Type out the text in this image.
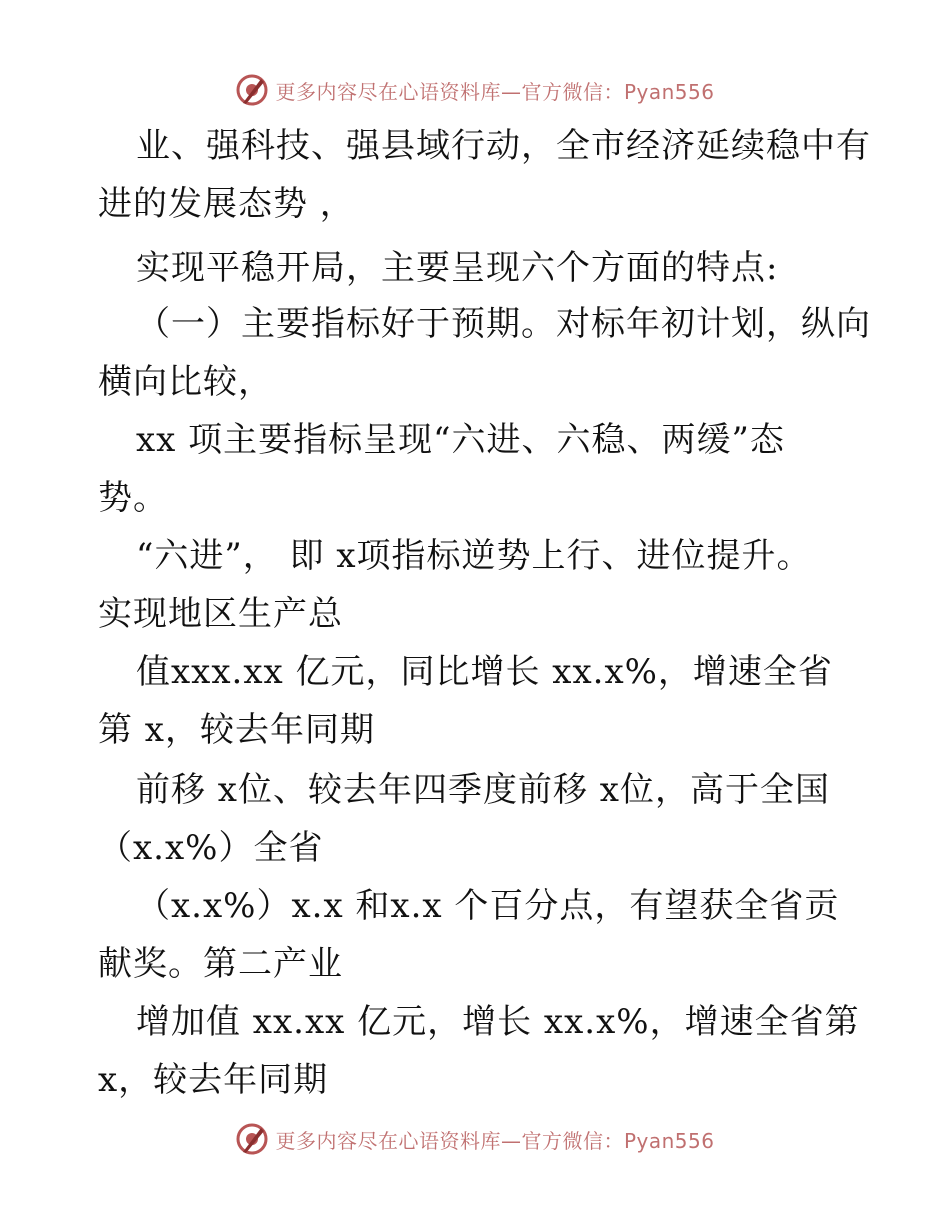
更多内容尽在心语资料库—官方微信：Pyan556
业、强科技、强县域行动，全市经济延续稳中有
进的发展态势 ，
实现平稳开局，主要呈现六个方面的特点:
（一）主要指标好于预期。对标年初计划，纵向
横向比较，
xx 项主要指标呈现“六进、六稳、两缓”态
势。
“六进”， 即 x项指标逆势上行、进位提升。
实现地区生产总
值xxx.xx 亿元，同比增长 xx.x%，增速全省
第 x，较去年同期
前移 x位、较去年四季度前移 x位，高于全国
（x.x%）全省
（x.x%）x.x 和x.x 个百分点，有望获全省贡
献奖。第二产业
增加值 xx.xx 亿元，增长 xx.x%，增速全省第
x，较去年同期
更多内容尽在心语资料库—官方微信：Pyan556
